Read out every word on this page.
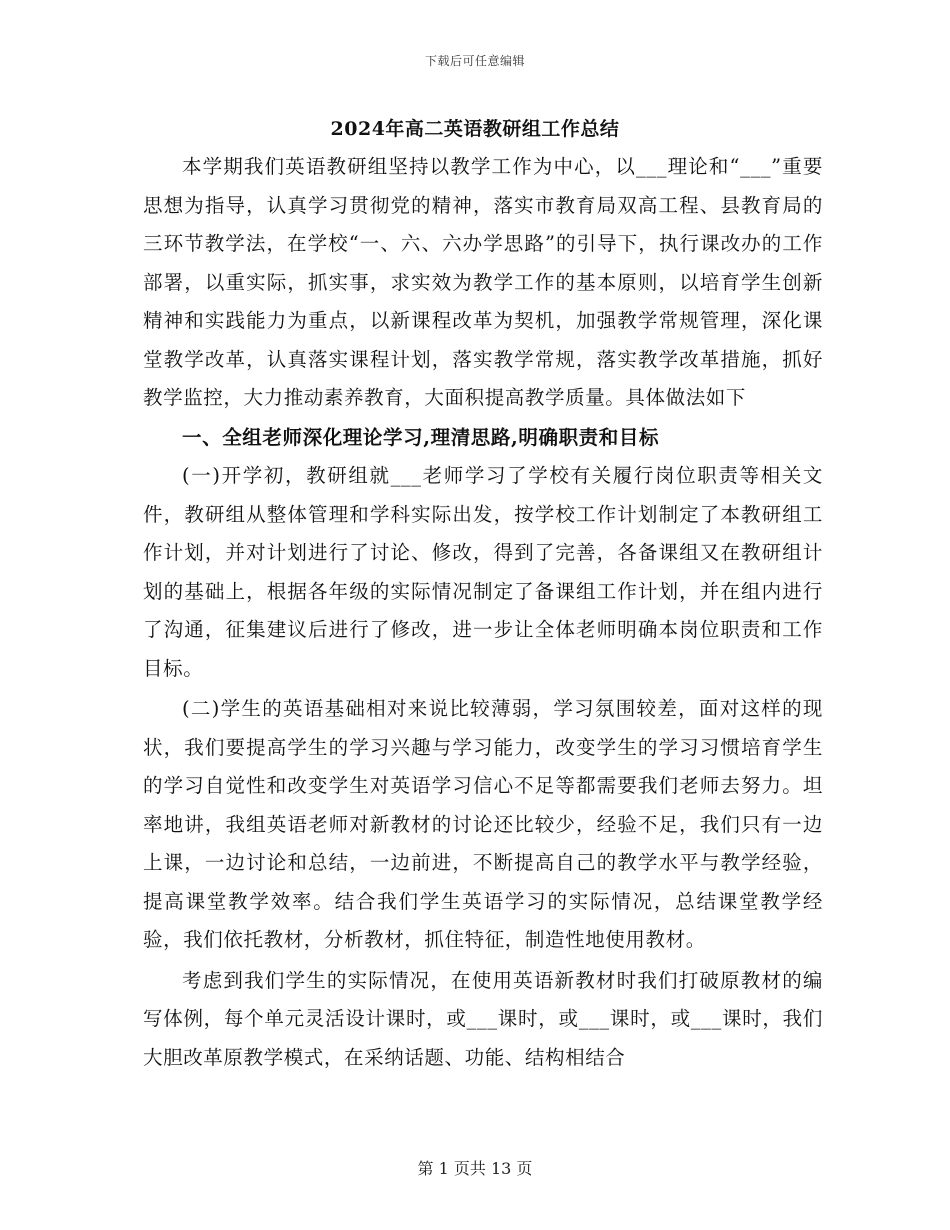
下载后可任意编辑
2024年高二英语教研组工作总结

本学期我们英语教研组坚持以教学工作为中心，以___理论和“___”重要思想为指导，认真学习贯彻党的精神，落实市教育局双高工程、县教育局的三环节教学法，在学校“一、六、六办学思路”的引导下，执行课改办的工作部署，以重实际，抓实事，求实效为教学工作的基本原则，以培育学生创新精神和实践能力为重点，以新课程改革为契机，加强教学常规管理，深化课堂教学改革，认真落实课程计划，落实教学常规，落实教学改革措施，抓好教学监控，大力推动素养教育，大面积提高教学质量。具体做法如下

一、全组老师深化理论学习,理清思路,明确职责和目标

(一)开学初，教研组就___老师学习了学校有关履行岗位职责等相关文件，教研组从整体管理和学科实际出发，按学校工作计划制定了本教研组工作计划，并对计划进行了讨论、修改，得到了完善，各备课组又在教研组计划的基础上，根据各年级的实际情况制定了备课组工作计划，并在组内进行了沟通，征集建议后进行了修改，进一步让全体老师明确本岗位职责和工作目标。

(二)学生的英语基础相对来说比较薄弱，学习氛围较差，面对这样的现状，我们要提高学生的学习兴趣与学习能力，改变学生的学习习惯培育学生的学习自觉性和改变学生对英语学习信心不足等都需要我们老师去努力。坦率地讲，我组英语老师对新教材的讨论还比较少，经验不足，我们只有一边上课，一边讨论和总结，一边前进，不断提高自己的教学水平与教学经验，提高课堂教学效率。结合我们学生英语学习的实际情况，总结课堂教学经验，我们依托教材，分析教材，抓住特征，制造性地使用教材。

考虑到我们学生的实际情况，在使用英语新教材时我们打破原教材的编写体例，每个单元灵活设计课时，或___课时，或___课时，或___课时，我们大胆改革原教学模式，在采纳话题、功能、结构相结合

第 1 页共 13 页
